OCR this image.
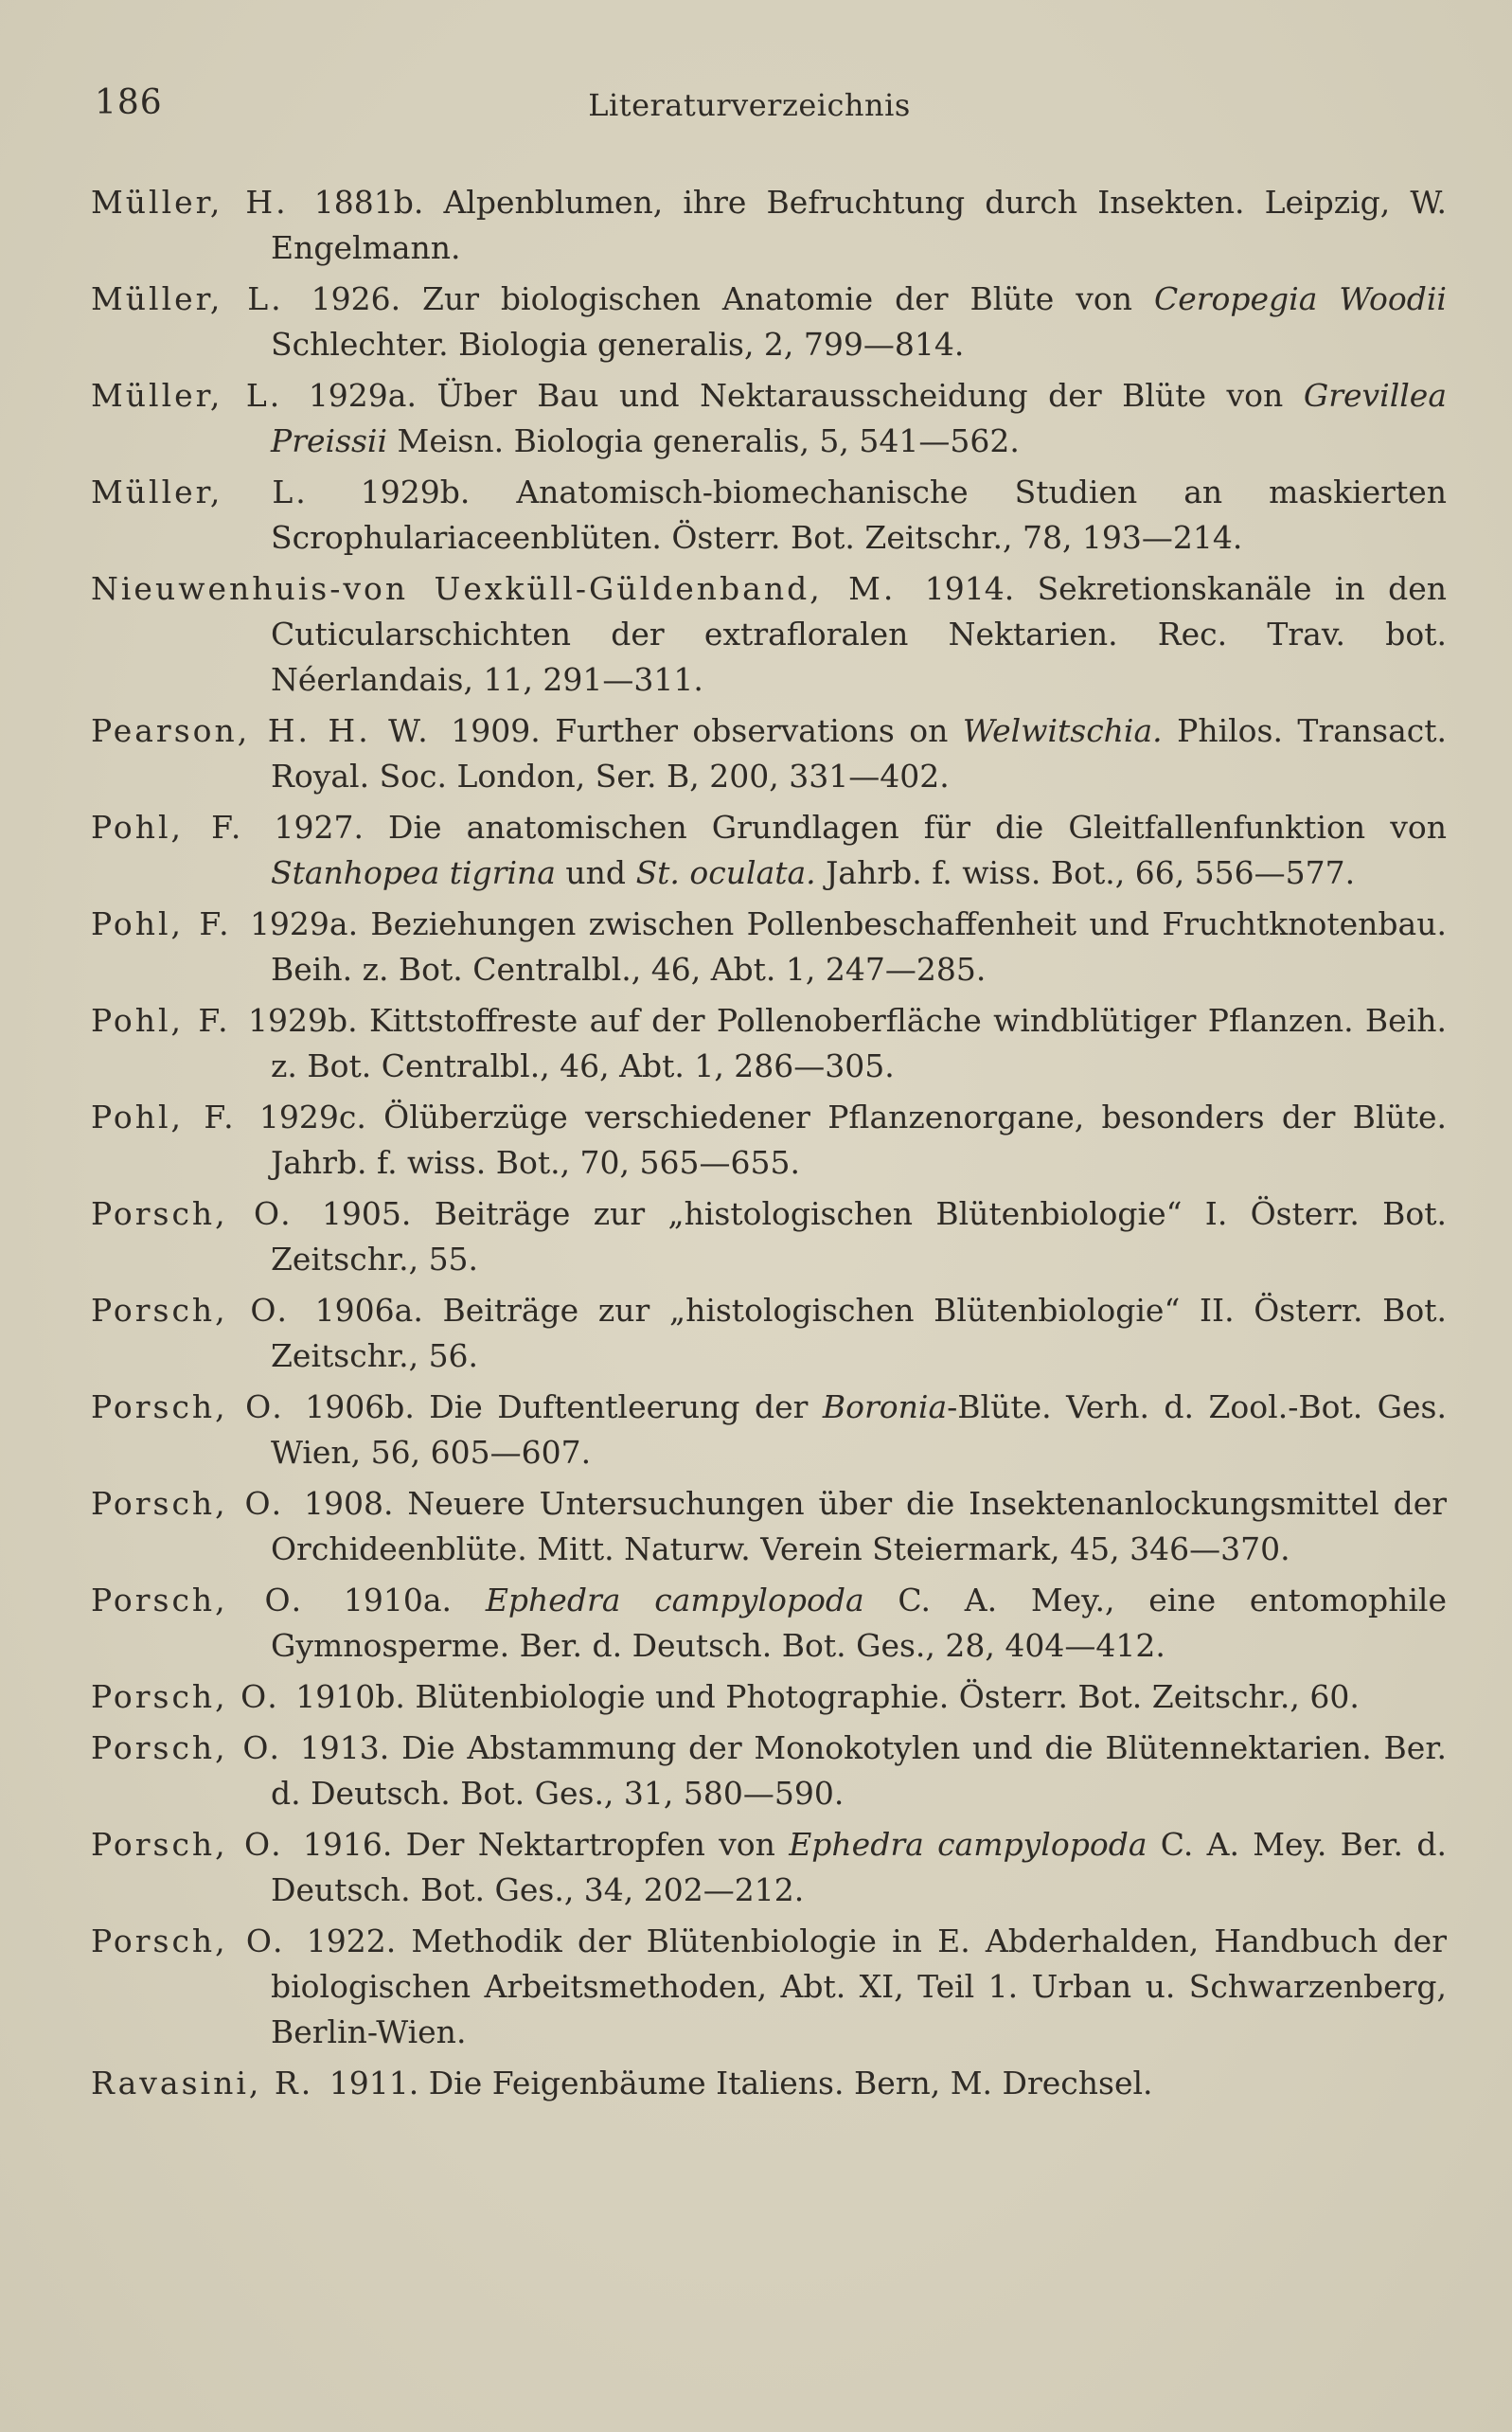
186	Literaturverzeichnis

Müller, H. 1881b. Alpenblumen, ihre Befruchtung durch Insekten. Leipzig, W. Engelmann.

Müller, L. 1926. Zur biologischen Anatomie der Blüte von Ceropegia Woodii Schlechter. Biologia generalis, 2, 799—814.

Müller, L. 1929a. Über Bau und Nektarausscheidung der Blüte von Grevillea Preissii Meisn. Biologia generalis, 5, 541—562.

Müller, L. 1929b. Anatomisch-biomechanische Studien an maskierten Scrophulariaceenblüten. Österr. Bot. Zeitschr., 78, 193—214.

Nieuwenhuis-von Uexküll-Güldenband, M. 1914. Sekretionskanäle in den Cuticularschichten der extrafloralen Nektarien. Rec. Trav. bot. Néerlandais, 11, 291—311.

Pearson, H. H. W. 1909. Further observations on Welwitschia. Philos. Transact. Royal. Soc. London, Ser. B, 200, 331—402.

Pohl, F. 1927. Die anatomischen Grundlagen für die Gleitfallenfunktion von Stanhopea tigrina und St. oculata. Jahrb. f. wiss. Bot., 66, 556—577.

Pohl, F. 1929a. Beziehungen zwischen Pollenbeschaffenheit und Fruchtknotenbau. Beih. z. Bot. Centralbl., 46, Abt. 1, 247—285.

Pohl, F. 1929b. Kittstoffreste auf der Pollenoberfläche windblütiger Pflanzen. Beih. z. Bot. Centralbl., 46, Abt. 1, 286—305.

Pohl, F. 1929c. Ölüberzüge verschiedener Pflanzenorgane, besonders der Blüte. Jahrb. f. wiss. Bot., 70, 565—655.

Porsch, O. 1905. Beiträge zur „histologischen Blütenbiologie“ I. Österr. Bot. Zeitschr., 55.

Porsch, O. 1906a. Beiträge zur „histologischen Blütenbiologie“ II. Österr. Bot. Zeitschr., 56.

Porsch, O. 1906b. Die Duftentleerung der Boronia-Blüte. Verh. d. Zool.-Bot. Ges. Wien, 56, 605—607.

Porsch, O. 1908. Neuere Untersuchungen über die Insektenanlockungsmittel der Orchideenblüte. Mitt. Naturw. Verein Steiermark, 45, 346—370.

Porsch, O. 1910a. Ephedra campylopoda C. A. Mey., eine entomophile Gymnosperme. Ber. d. Deutsch. Bot. Ges., 28, 404—412.

Porsch, O. 1910b. Blütenbiologie und Photographie. Österr. Bot. Zeitschr., 60.

Porsch, O. 1913. Die Abstammung der Monokotylen und die Blütennektarien. Ber. d. Deutsch. Bot. Ges., 31, 580—590.

Porsch, O. 1916. Der Nektartropfen von Ephedra campylopoda C. A. Mey. Ber. d. Deutsch. Bot. Ges., 34, 202—212.

Porsch, O. 1922. Methodik der Blütenbiologie in E. Abderhalden, Handbuch der biologischen Arbeitsmethoden, Abt. XI, Teil 1. Urban u. Schwarzenberg, Berlin-Wien.

Ravasini, R. 1911. Die Feigenbäume Italiens. Bern, M. Drechsel.
